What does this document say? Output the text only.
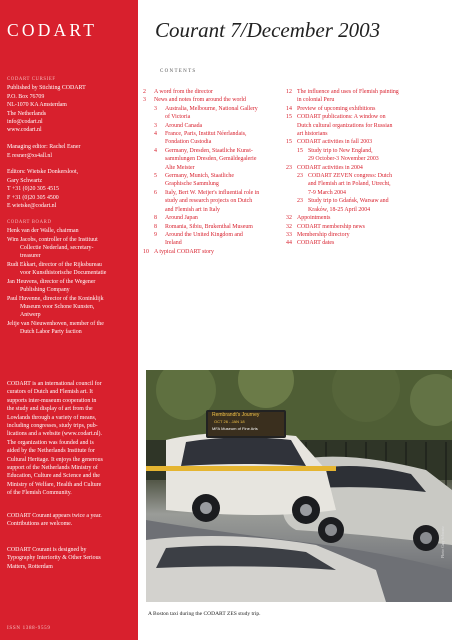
CODART

CODART CURSIEF

Published by Stichting CODART

P.O. Box 76709

NL-1070 KA Amsterdam

The Netherlands

info@codart.nl

www.codart.nl

Managing editor: Rachel Esner

E resner@xs4all.nl

Editors: Wietske Donkersloot,

Gary Schwartz

T +31 (0)20 305 4515

F +31 (0)20 305 4500

E wietske@codart.nl

CODART BOARD

Henk van der Walle, chairman

Wim Jacobs, controller of the Instituut

Collectie Nederland, secretary-

treasurer

Rudi Ekkart, director of the Rijksbureau

voor Kunsthistorische Documentatie

Jan Heuvens, director of the Wegener

Publishing Company

Paul Huvenne, director of the Koninklijk

Museum voor Schone Kunsten,

Antwerp

Jeltje van Nieuwenhoven, member of the

Dutch Labor Party faction

CODART is an international council for

curators of Dutch and Flemish art. It

supports inter-museum cooperation in

the study and display of art from the

Lowlands through a variety of means,

including congresses, study trips, pub-

lications and a website (www.codart.nl).

The organization was founded and is

aided by the Netherlands Institute for

Cultural Heritage. It enjoys the generous

support of the Netherlands Ministry of

Education, Culture and Science and the

Ministry of Welfare, Health and Culture

of the Flemish Community.

CODART Courant appears twice a year.

Contributions are welcome.

CODART Courant is designed by

Typography Interiority & Other Serious

Matters, Rotterdam

ISSN 1388-9559
Courant 7/December 2003
CONTENTS
2	A word from the director
3	News and notes from around the world
3	Australia, Melbourne, National Gallery
of Victoria
3	Around Canada
4	France, Paris, Institut Néerlandais,
Fondation Custodia
4	Germany, Dresden, Staatliche Kunst-
sammlungen Dresden, Gemäldegalerie
Alte Meister
5	Germany, Munich, Staatliche
Graphische Sammlung
6	Italy, Bert W. Meijer's influential role in
study and research projects on Dutch
and Flemish art in Italy
8	Around Japan
8	Romania, Sibiu, Brukenthal Museum
9	Around the United Kingdom and
Ireland
10 A typical CODART story
12 The influence and uses of Flemish painting
in colonial Peru
14 Preview of upcoming exhibitions
15 CODART publications: A window on
Dutch cultural organizations for Russian
art historians
15 CODART activities in fall 2003
15 Study trip to New England,
29 October-3 November 2003
23 CODART activities in 2004
23 CODART ZEVEN congress: Dutch
and Flemish art in Poland, Utrecht,
7-9 March 2004
23 Study trip to Gdańsk, Warsaw and
Kraków, 18-25 April 2004
32 Appointments
32 CODART membership news
33 Membership directory
44 CODART dates
Rembrandt's Journey
OCT 26 - JAN 18
MFA Museum of Fine Arts
Photo: Gary Schwartz
A Boston taxi during the CODART ZES study trip.
